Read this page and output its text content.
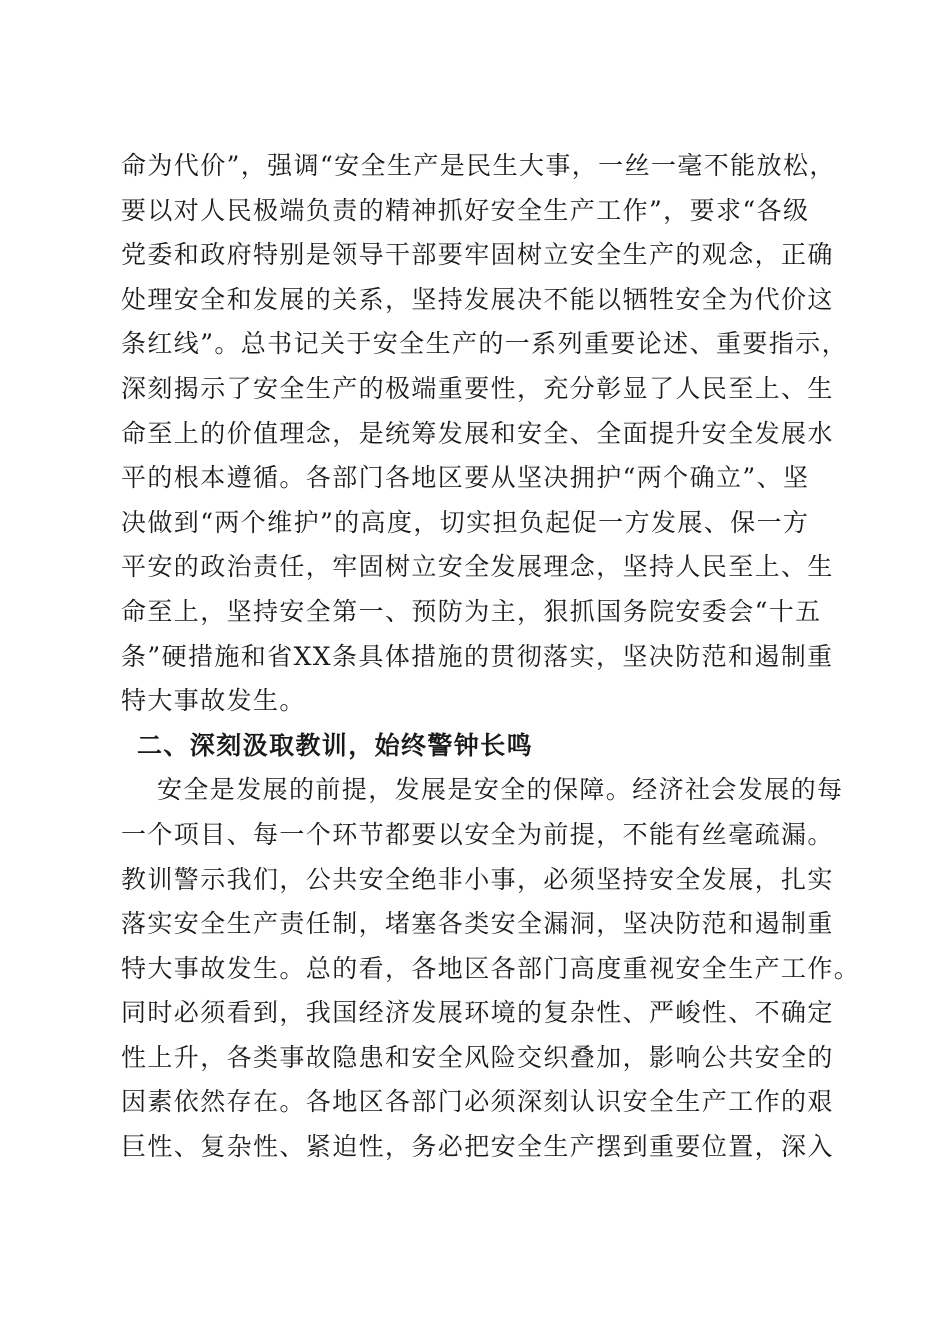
命为代价”，强调“安全生产是民生大事，一丝一毫不能放松，
要以对人民极端负责的精神抓好安全生产工作”，要求“各级
党委和政府特别是领导干部要牢固树立安全生产的观念，正确
处理安全和发展的关系，坚持发展决不能以牺牲安全为代价这
条红线”。总书记关于安全生产的一系列重要论述、重要指示，
深刻揭示了安全生产的极端重要性，充分彰显了人民至上、生
命至上的价值理念，是统筹发展和安全、全面提升安全发展水
平的根本遵循。各部门各地区要从坚决拥护“两个确立”、坚
决做到“两个维护”的高度，切实担负起促一方发展、保一方
平安的政治责任，牢固树立安全发展理念，坚持人民至上、生
命至上，坚持安全第一、预防为主，狠抓国务院安委会“十五
条”硬措施和省XX条具体措施的贯彻落实，坚决防范和遏制重
特大事故发生。
二、深刻汲取教训，始终警钟长鸣
安全是发展的前提，发展是安全的保障。经济社会发展的每
一个项目、每一个环节都要以安全为前提，不能有丝毫疏漏。
教训警示我们，公共安全绝非小事，必须坚持安全发展，扎实
落实安全生产责任制，堵塞各类安全漏洞，坚决防范和遏制重
特大事故发生。总的看，各地区各部门高度重视安全生产工作。
同时必须看到，我国经济发展环境的复杂性、严峻性、不确定
性上升，各类事故隐患和安全风险交织叠加，影响公共安全的
因素依然存在。各地区各部门必须深刻认识安全生产工作的艰
巨性、复杂性、紧迫性，务必把安全生产摆到重要位置，深入
